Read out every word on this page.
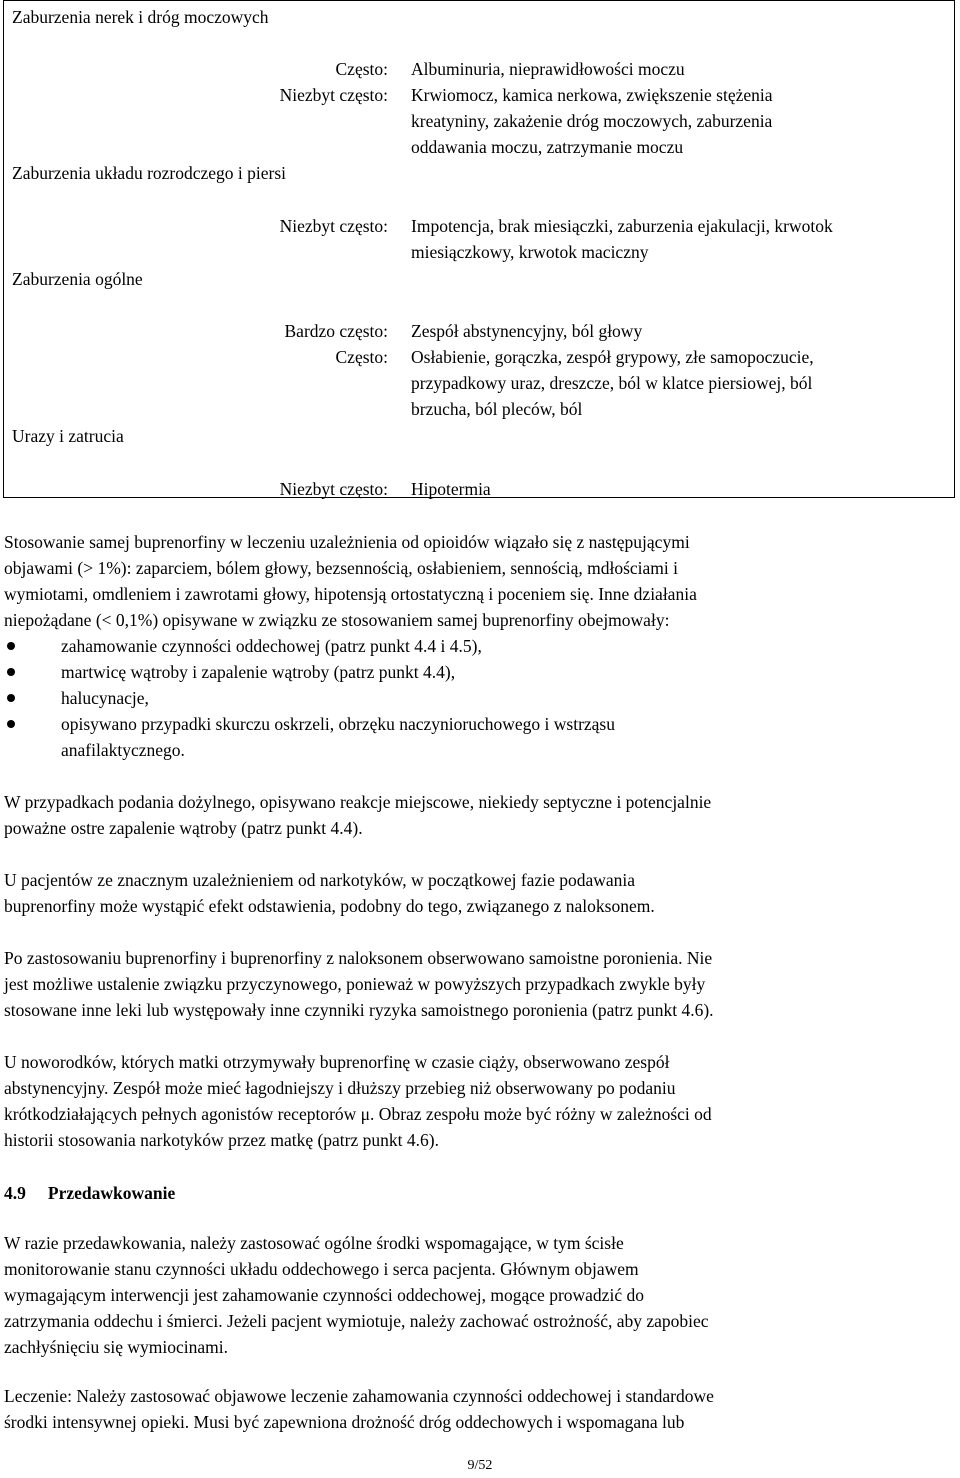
Zaburzenia nerek i dróg moczowych
Często: Albuminuria, nieprawidłowości moczu
Niezbyt często: Krwiomocz, kamica nerkowa, zwiększenie stężenia
kreatyniny, zakażenie dróg moczowych, zaburzenia
oddawania moczu, zatrzymanie moczu
Zaburzenia układu rozrodczego i piersi
Niezbyt często: Impotencja, brak miesiączki, zaburzenia ejakulacji, krwotok
miesiączkowy, krwotok maciczny
Zaburzenia ogólne
Bardzo często: Zespół abstynencyjny, ból głowy
Często: Osłabienie, gorączka, zespół grypowy, złe samopoczucie,
przypadkowy uraz, dreszcze, ból w klatce piersiowej, ból
brzucha, ból pleców, ból
Urazy i zatrucia
Niezbyt często: Hipotermia

Stosowanie samej buprenorfiny w leczeniu uzależnienia od opioidów wiązało się z następującymi

objawami (> 1%): zaparciem, bólem głowy, bezsennością, osłabieniem, sennością, mdłościami i

wymiotami, omdleniem i zawrotami głowy, hipotensją ortostatyczną i poceniem się. Inne działania

niepożądane (< 0,1%) opisywane w związku ze stosowaniem samej buprenorfiny obejmowały:

zahamowanie czynności oddechowej (patrz punkt 4.4 i 4.5),
martwicę wątroby i zapalenie wątroby (patrz punkt 4.4),
halucynacje,
opisywano przypadki skurczu oskrzeli, obrzęku naczynioruchowego i wstrząsu
anafilaktycznego.

W przypadkach podania dożylnego, opisywano reakcje miejscowe, niekiedy septyczne i potencjalnie

poważne ostre zapalenie wątroby (patrz punkt 4.4).

U pacjentów ze znacznym uzależnieniem od narkotyków, w początkowej fazie podawania

buprenorfiny może wystąpić efekt odstawienia, podobny do tego, związanego z naloksonem.

Po zastosowaniu buprenorfiny i buprenorfiny z naloksonem obserwowano samoistne poronienia. Nie

jest możliwe ustalenie związku przyczynowego, ponieważ w powyższych przypadkach zwykle były

stosowane inne leki lub występowały inne czynniki ryzyka samoistnego poronienia (patrz punkt 4.6).

U noworodków, których matki otrzymywały buprenorfinę w czasie ciąży, obserwowano zespół

abstynencyjny. Zespół może mieć łagodniejszy i dłuższy przebieg niż obserwowany po podaniu

krótkodziałających pełnych agonistów receptorów μ. Obraz zespołu może być różny w zależności od

historii stosowania narkotyków przez matkę (patrz punkt 4.6).

4.9 Przedawkowanie

W razie przedawkowania, należy zastosować ogólne środki wspomagające, w tym ścisłe

monitorowanie stanu czynności układu oddechowego i serca pacjenta. Głównym objawem

wymagającym interwencji jest zahamowanie czynności oddechowej, mogące prowadzić do

zatrzymania oddechu i śmierci. Jeżeli pacjent wymiotuje, należy zachować ostrożność, aby zapobiec

zachłyśnięciu się wymiocinami.

Leczenie: Należy zastosować objawowe leczenie zahamowania czynności oddechowej i standardowe

środki intensywnej opieki. Musi być zapewniona drożność dróg oddechowych i wspomagana lub

9/52
